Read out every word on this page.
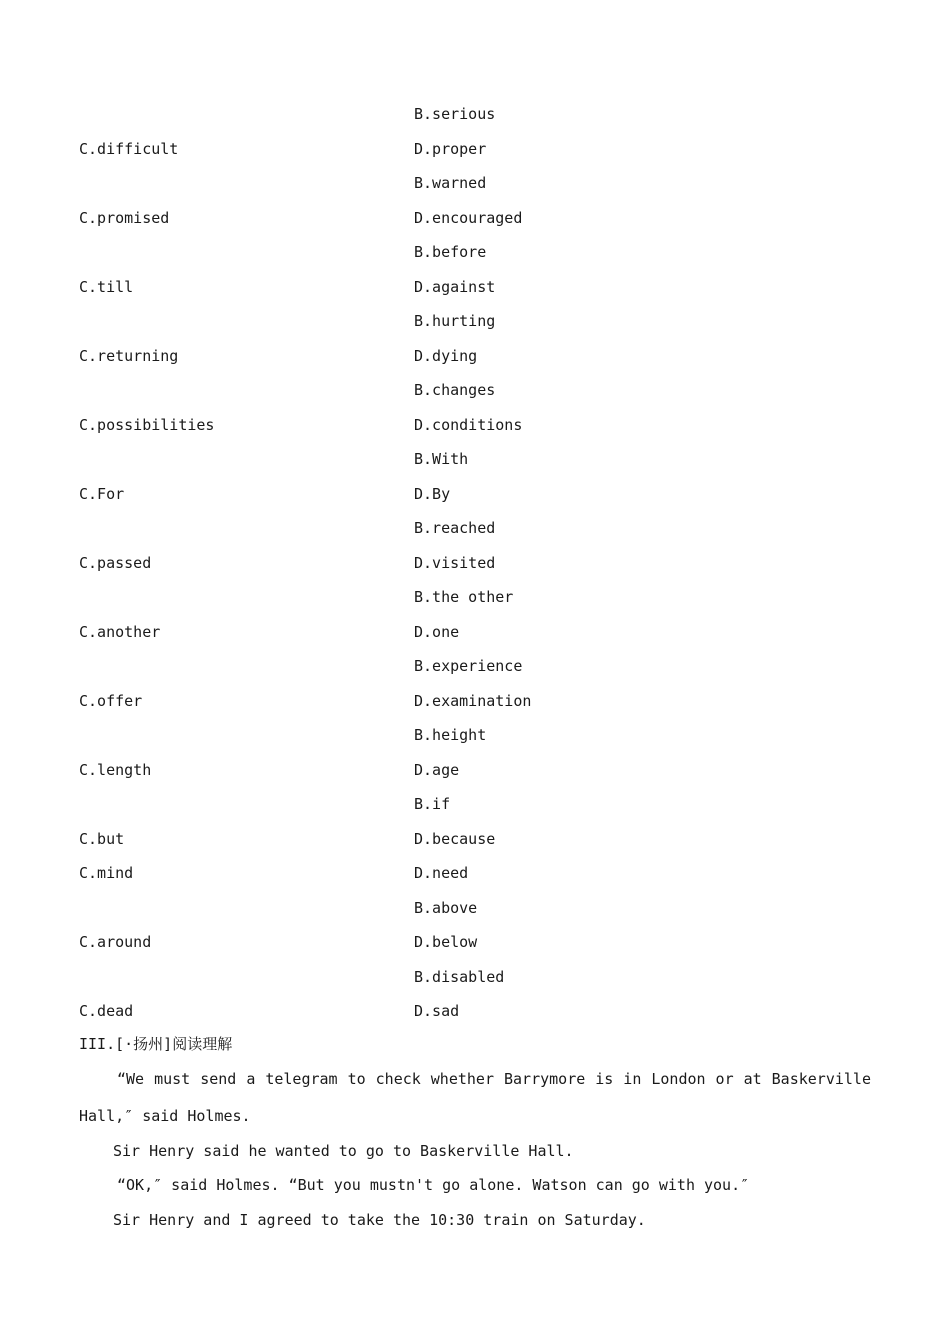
B.serious
C.difficult	D.proper
B.warned
C.promised	D.encouraged
B.before
C.till	D.against
B.hurting
C.returning	D.dying
B.changes
C.possibilities	D.conditions
B.With
C.For	D.By
B.reached
C.passed	D.visited
B.the other
C.another	D.one
B.experience
C.offer	D.examination
B.height
C.length	D.age
B.if
C.but	D.because
C.mind	D.need
B.above
C.around	D.below
B.disabled
C.dead	D.sad
III.[·扬州]阅读理解
“We must send a telegram to check whether Barrymore is in London or at Baskerville
Hall,″ said Holmes.
Sir Henry said he wanted to go to Baskerville Hall.
“OK,″ said Holmes. “But you mustn't go alone. Watson can go with you.″
Sir Henry and I agreed to take the 10:30 train on Saturday.
